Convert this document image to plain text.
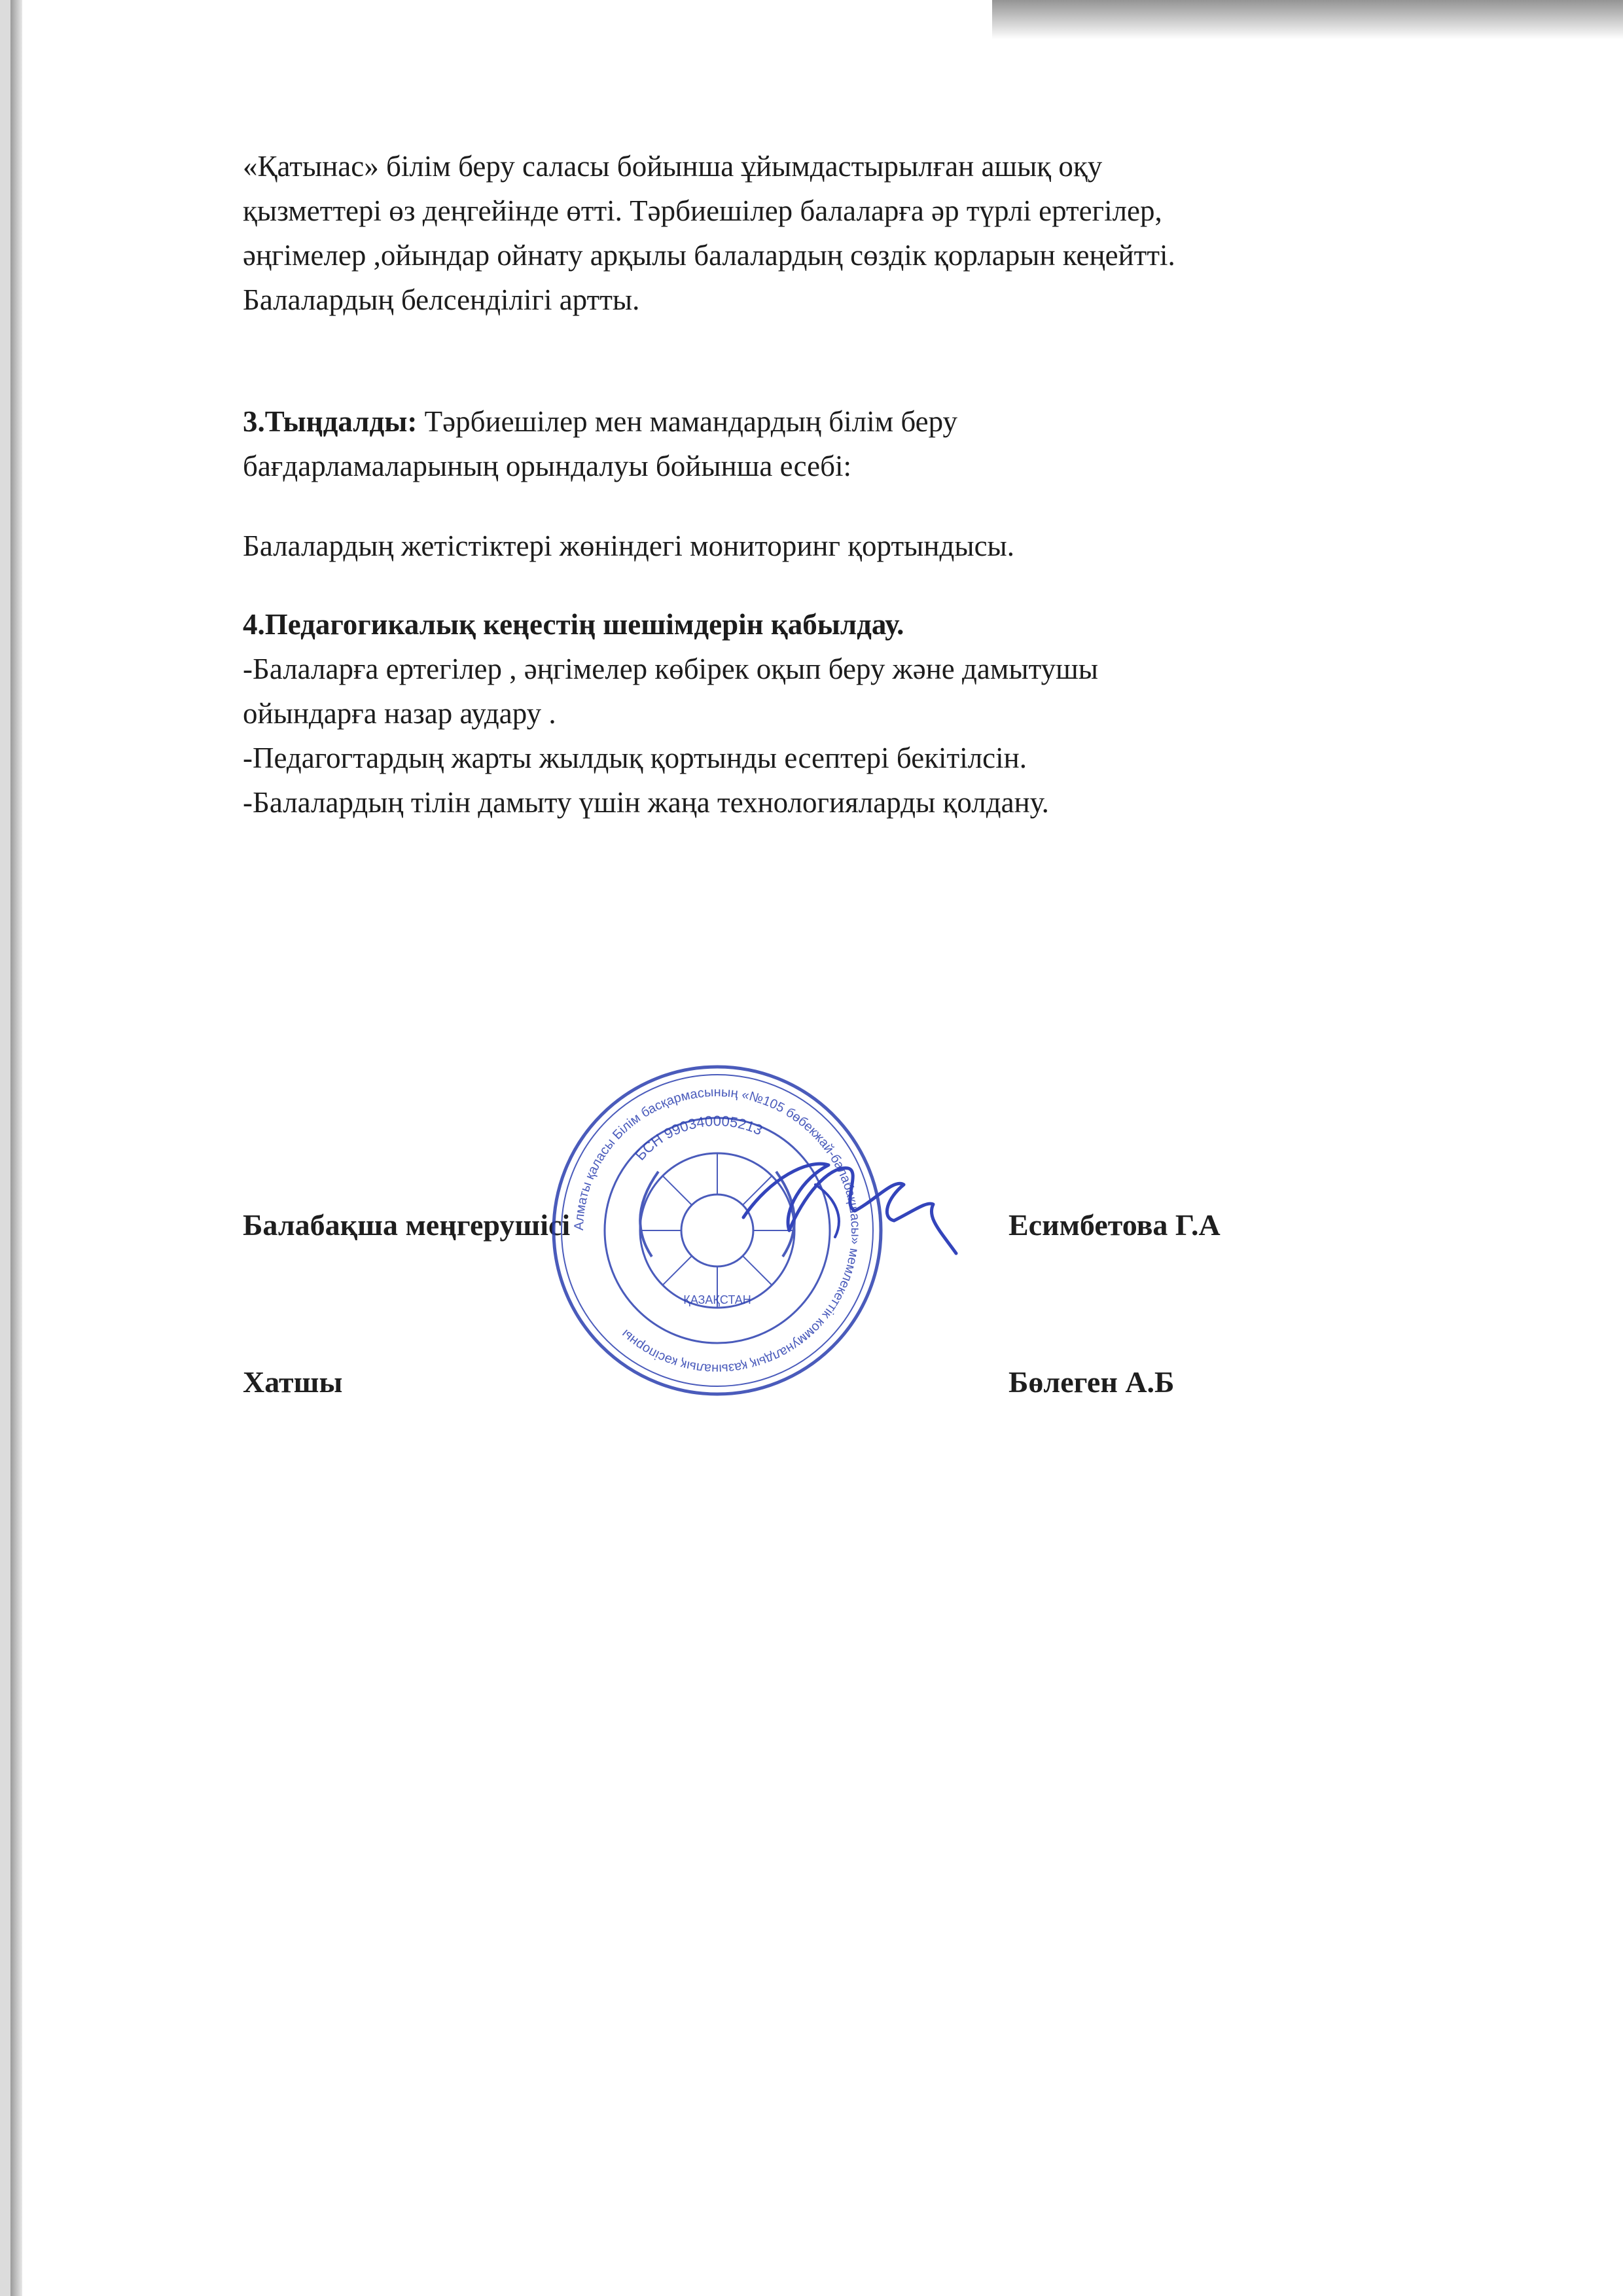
«Қатынас» білім беру саласы бойынша ұйымдастырылған ашық оқу
қызметтері өз деңгейінде өтті. Тәрбиешілер балаларға әр түрлі ертегілер,
әңгімелер ,ойындар ойнату арқылы балалардың сөздік қорларын кеңейтті.
Балалардың белсенділігі артты.

3.Тыңдалды: Тәрбиешілер мен мамандардың білім беру
бағдарламаларының орындалуы бойынша есебі:

Балалардың жетістіктері жөніндегі мониторинг қортындысы.

4.Педагогикалық кеңестің шешімдерін қабылдау.
-Балаларға ертегілер , әңгімелер көбірек оқып беру және дамытушы
ойындарға назар аудару .
-Педагогтардың жарты жылдық қортынды есептері бекітілсін.
-Балалардың тілін дамыту үшін жаңа технологияларды қолдану.
Балабақша меңгерушісі	Есимбетова Г.А
Хатшы	Бөлеген А.Б
Алматы қаласы Білім басқармасының «№105 бөбекжай-балабақшасы» мемлекеттік коммуналдық қазыналық кәсіпорны
БСН 990340005213
ҚАЗАҚСТАН
